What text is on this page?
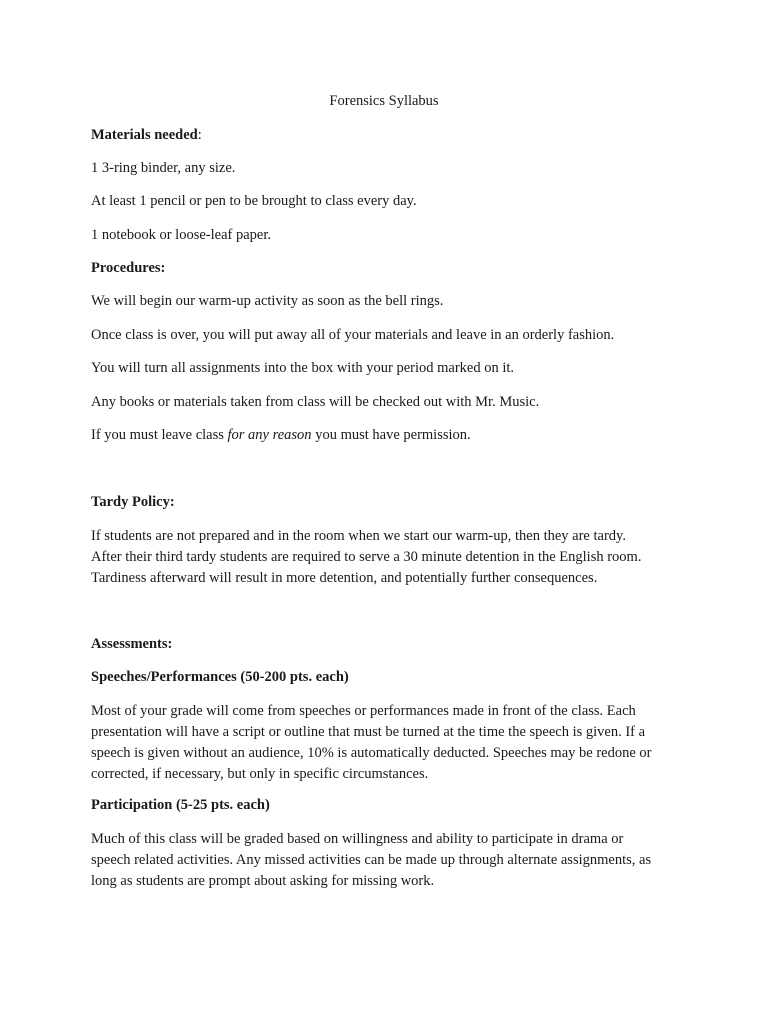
Forensics Syllabus

Materials needed:

1 3-ring binder, any size.

At least 1 pencil or pen to be brought to class every day.

1 notebook or loose-leaf paper.

Procedures:

We will begin our warm-up activity as soon as the bell rings.

Once class is over, you will put away all of your materials and leave in an orderly fashion.

You will turn all assignments into the box with your period marked on it.

Any books or materials taken from class will be checked out with Mr. Music.

If you must leave class for any reason you must have permission.

Tardy Policy:

If students are not prepared and in the room when we start our warm-up, then they are tardy.
After their third tardy students are required to serve a 30 minute detention in the English room.
Tardiness afterward will result in more detention, and potentially further consequences.

Assessments:

Speeches/Performances (50-200 pts. each)

Most of your grade will come from speeches or performances made in front of the class. Each
presentation will have a script or outline that must be turned at the time the speech is given. If a
speech is given without an audience, 10% is automatically deducted. Speeches may be redone or
corrected, if necessary, but only in specific circumstances.

Participation (5-25 pts. each)

Much of this class will be graded based on willingness and ability to participate in drama or
speech related activities. Any missed activities can be made up through alternate assignments, as
long as students are prompt about asking for missing work.
